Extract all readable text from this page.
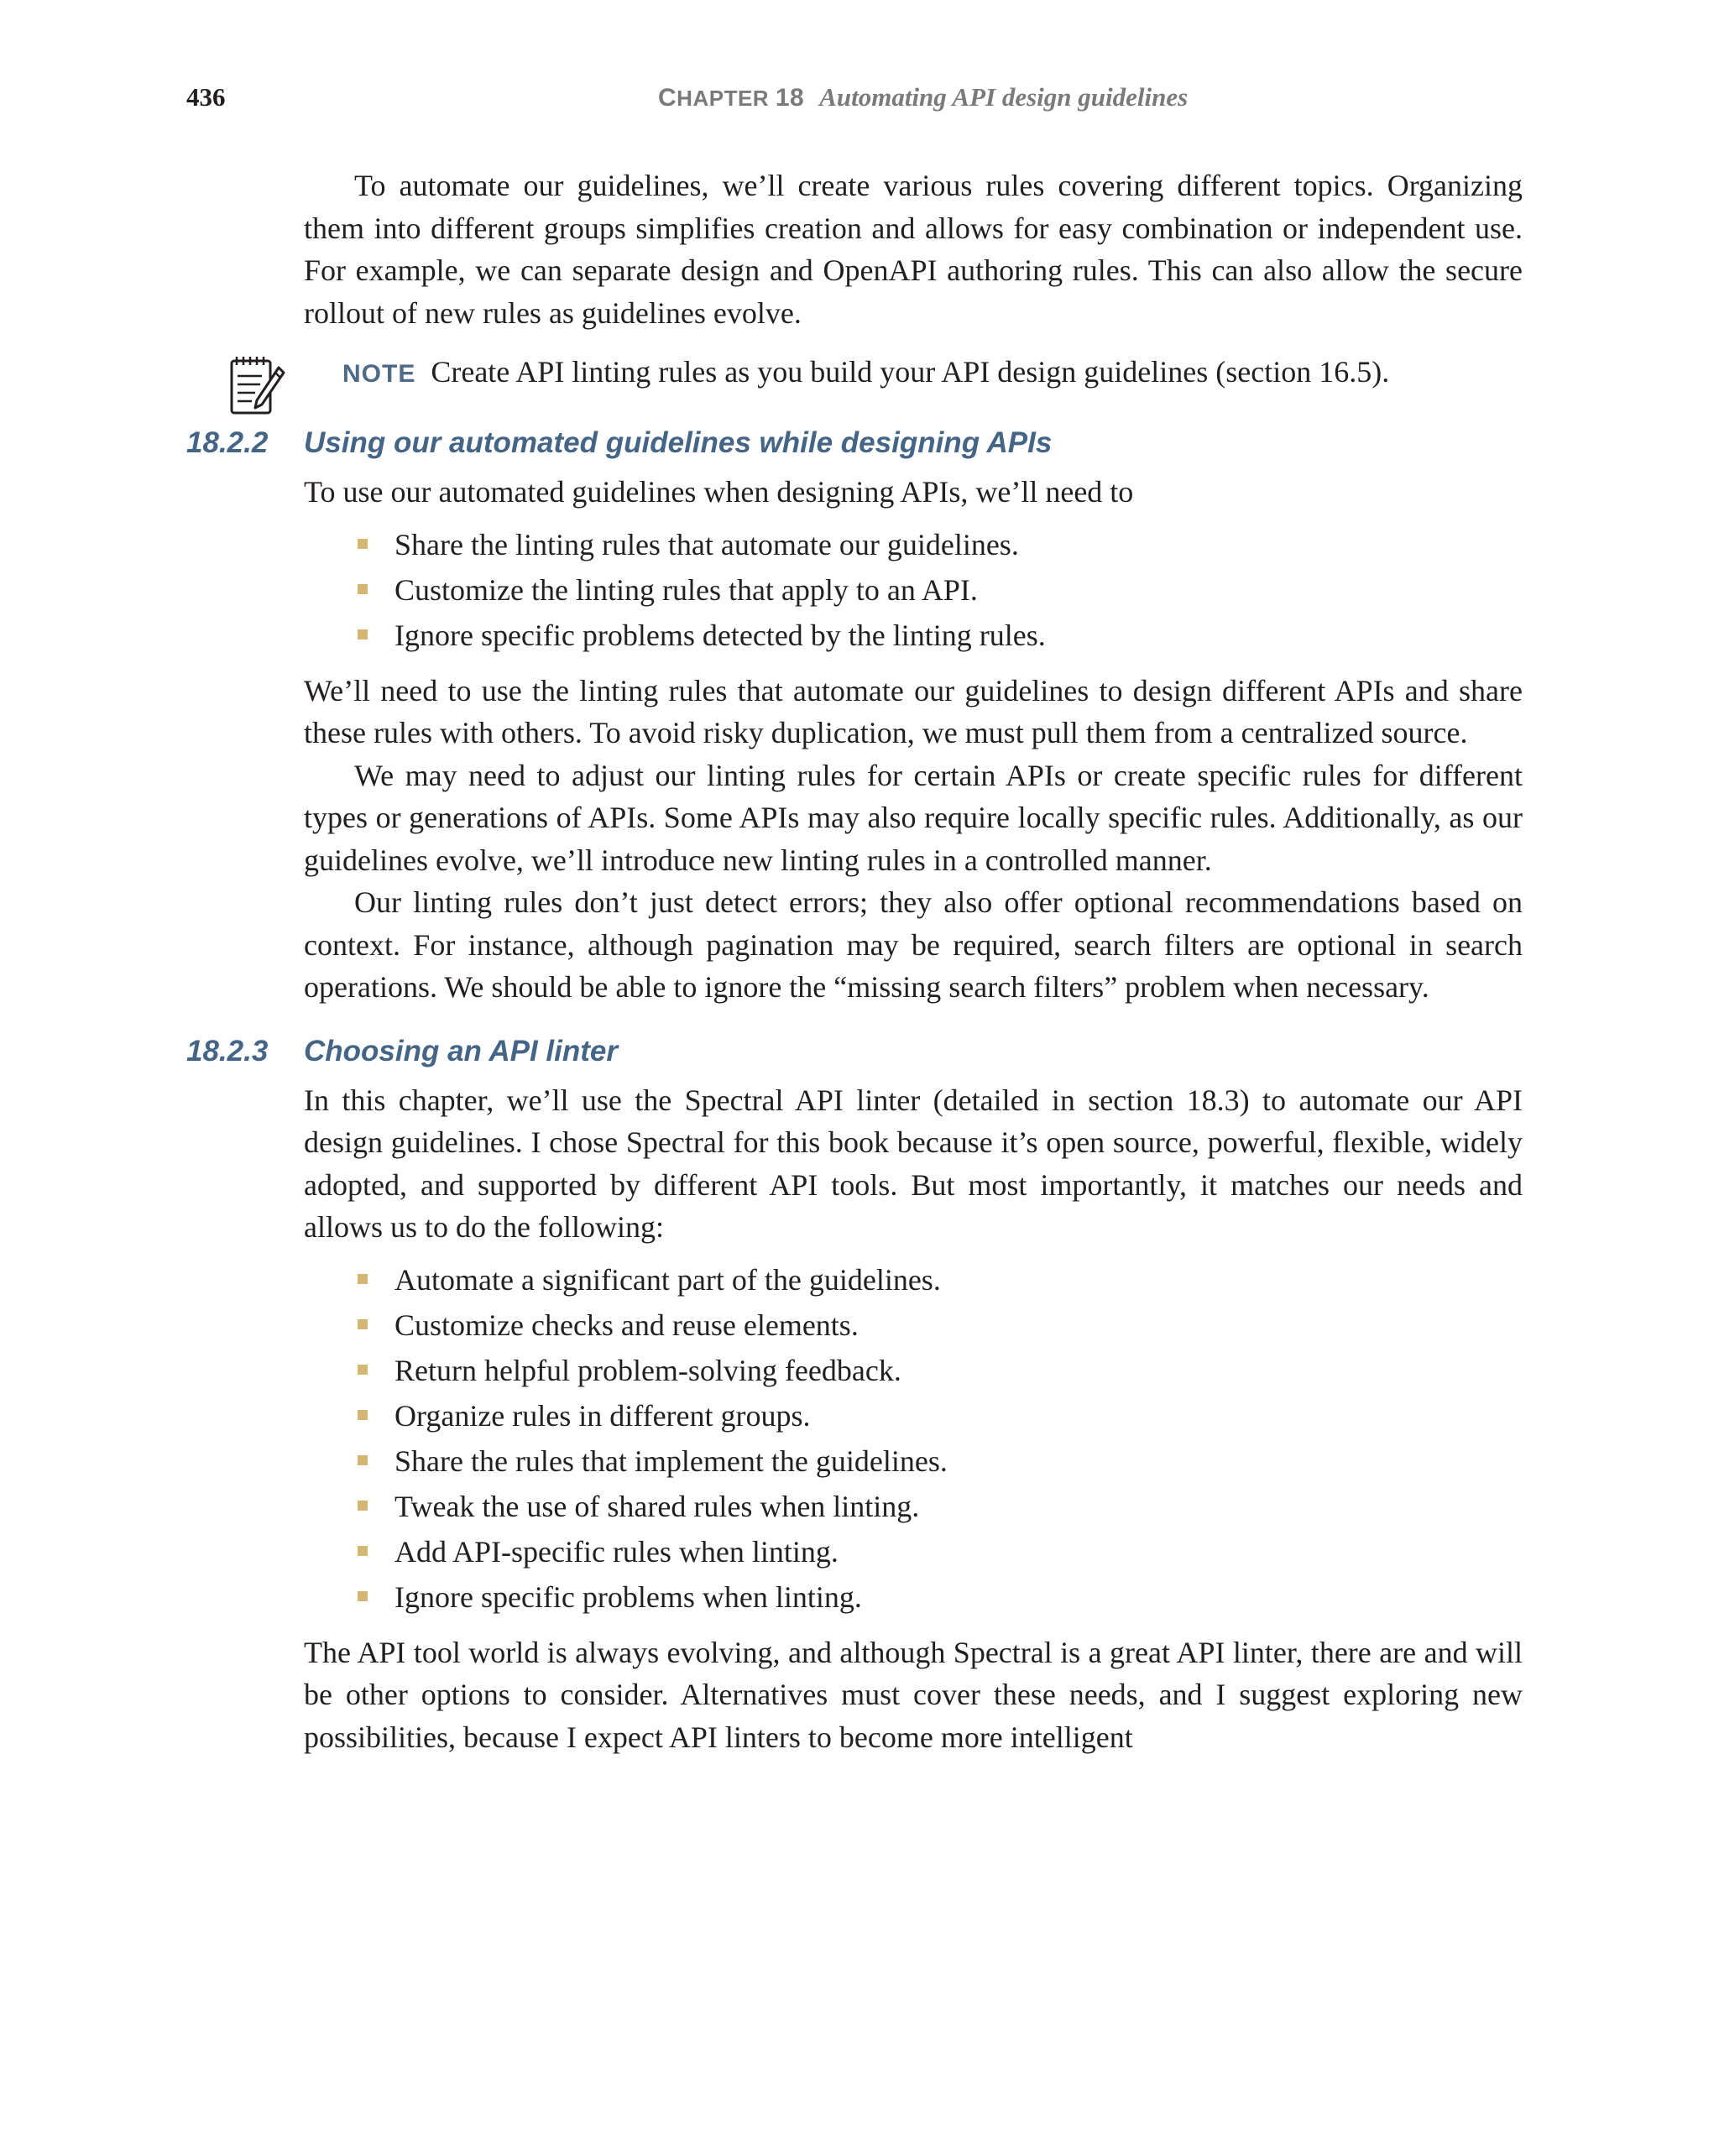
436	CHAPTER 18 Automating API design guidelines

To automate our guidelines, we’ll create various rules covering different topics. Organizing them into different groups simplifies creation and allows for easy combination or independent use. For example, we can separate design and OpenAPI authoring rules. This can also allow the secure rollout of new rules as guidelines evolve.

NOTE Create API linting rules as you build your API design guidelines (section 16.5).
18.2.2 Using our automated guidelines while designing APIs

To use our automated guidelines when designing APIs, we’ll need to

Share the linting rules that automate our guidelines.
Customize the linting rules that apply to an API.
Ignore specific problems detected by the linting rules.

We’ll need to use the linting rules that automate our guidelines to design different APIs and share these rules with others. To avoid risky duplication, we must pull them from a centralized source.

We may need to adjust our linting rules for certain APIs or create specific rules for different types or generations of APIs. Some APIs may also require locally specific rules. Additionally, as our guidelines evolve, we’ll introduce new linting rules in a controlled manner.

Our linting rules don’t just detect errors; they also offer optional recommendations based on context. For instance, although pagination may be required, search filters are optional in search operations. We should be able to ignore the “missing search filters” problem when necessary.

18.2.3 Choosing an API linter

In this chapter, we’ll use the Spectral API linter (detailed in section 18.3) to automate our API design guidelines. I chose Spectral for this book because it’s open source, powerful, flexible, widely adopted, and supported by different API tools. But most importantly, it matches our needs and allows us to do the following:

Automate a significant part of the guidelines.
Customize checks and reuse elements.
Return helpful problem-solving feedback.
Organize rules in different groups.
Share the rules that implement the guidelines.
Tweak the use of shared rules when linting.
Add API-specific rules when linting.
Ignore specific problems when linting.

The API tool world is always evolving, and although Spectral is a great API linter, there are and will be other options to consider. Alternatives must cover these needs, and I suggest exploring new possibilities, because I expect API linters to become more intelligent
